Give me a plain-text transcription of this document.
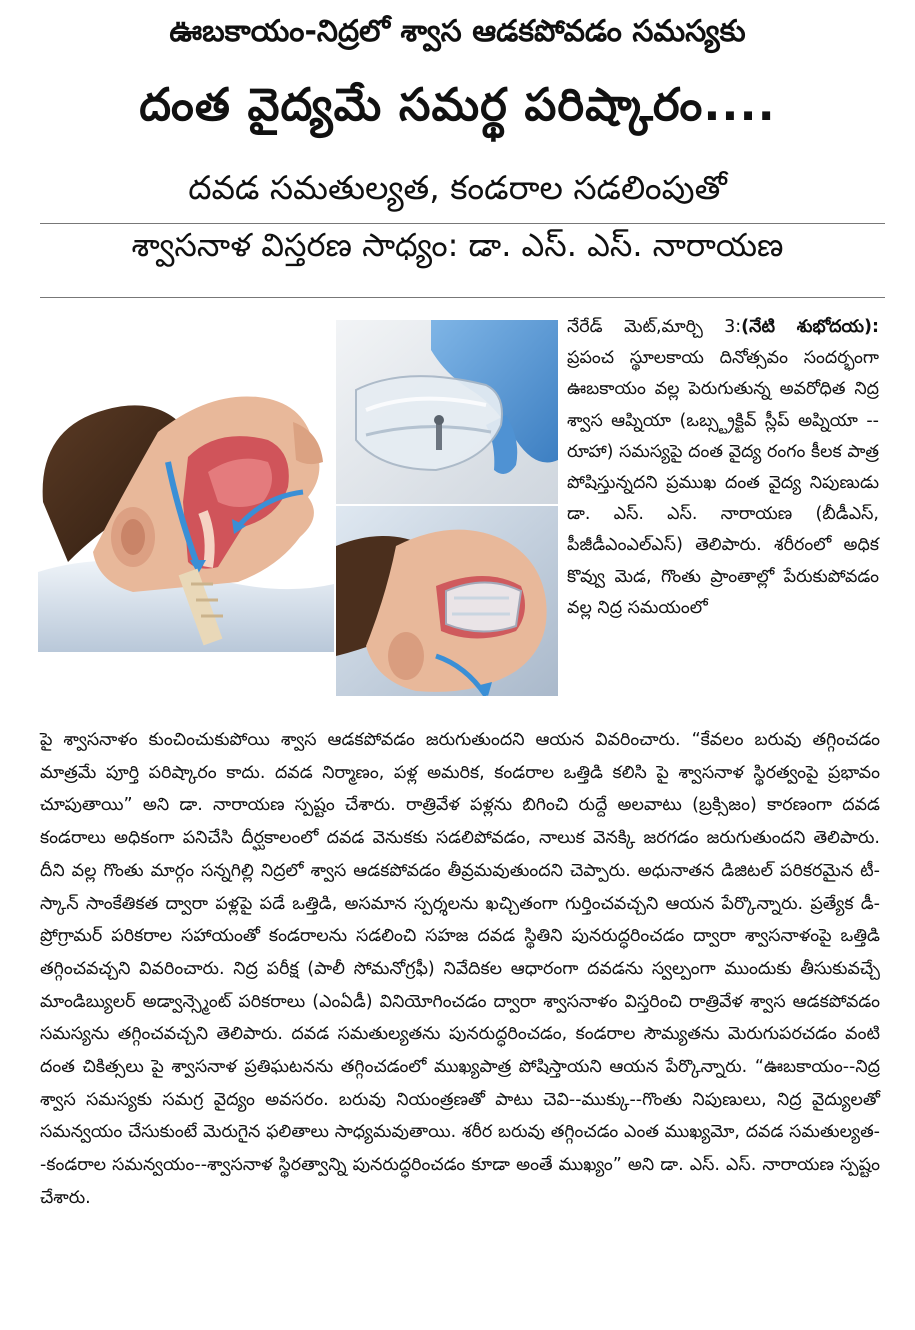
ఊబకాయం-నిద్రలో శ్వాస ఆడకపోవడం సమస్యకు
దంత వైద్యమే సమర్థ పరిష్కారం....
దవడ సమతుల్యత, కండరాల సడలింపుతో
శ్వాసనాళ విస్తరణ సాధ్యం: డా. ఎస్. ఎస్. నారాయణ
నేరేడ్ మెట్,మార్చి 3:(నేటి శుభోదయ): ప్రపంచ స్థూలకాయ దినోత్సవం సందర్భంగా ఊబకాయం వల్ల పెరుగుతున్న అవరోధిత నిద్ర శ్వాస ఆప్నియా (ఒబ్స్ట్రక్టివ్ స్లీప్ అప్నియా -- రూహా) సమస్యపై దంత వైద్య రంగం కీలక పాత్ర పోషిస్తున్నదని ప్రముఖ దంత వైద్య నిపుణుడు డా. ఎస్. ఎస్. నారాయణ (బీడీఎస్, పీజీడీఎంఎల్ఎస్) తెలిపారు. శరీరంలో అధిక కొవ్వు మెడ, గొంతు ప్రాంతాల్లో పేరుకుపోవడం వల్ల నిద్ర సమయంలో
పై శ్వాసనాళం కుంచించుకుపోయి శ్వాస ఆడకపోవడం జరుగుతుందని ఆయన వివరించారు. “కేవలం బరువు తగ్గించడం మాత్రమే పూర్తి పరిష్కారం కాదు. దవడ నిర్మాణం, పళ్ల అమరిక, కండరాల ఒత్తిడి కలిసి పై శ్వాసనాళ స్థిరత్వంపై ప్రభావం చూపుతాయి” అని డా. నారాయణ స్పష్టం చేశారు. రాత్రివేళ పళ్లను బిగించి రుద్దే అలవాటు (బ్రక్సిజం) కారణంగా దవడ కండరాలు అధికంగా పనిచేసి దీర్ఘకాలంలో దవడ వెనుకకు సడలిపోవడం, నాలుక వెనక్కి జరగడం జరుగుతుందని తెలిపారు. దీని వల్ల గొంతు మార్గం సన్నగిల్లి నిద్రలో శ్వాస ఆడకపోవడం తీవ్రమవుతుందని చెప్పారు. అధునాతన డిజిటల్ పరికరమైన టీ-స్కాన్ సాంకేతికత ద్వారా పళ్లపై పడే ఒత్తిడి, అసమాన స్పర్శలను ఖచ్చితంగా గుర్తించవచ్చని ఆయన పేర్కొన్నారు. ప్రత్యేక డీ-ప్రోగ్రామర్ పరికరాల సహాయంతో కండరాలను సడలించి సహజ దవడ స్థితిని పునరుద్ధరించడం ద్వారా శ్వాసనాళంపై ఒత్తిడి తగ్గించవచ్చని వివరించారు. నిద్ర పరీక్ష (పాలీ సోమనోగ్రఫీ) నివేదికల ఆధారంగా దవడను స్వల్పంగా ముందుకు తీసుకువచ్చే మాండిబ్యులర్ అడ్వాన్స్మెంట్ పరికరాలు (ఎంఏడీ) వినియోగించడం ద్వారా శ్వాసనాళం విస్తరించి రాత్రివేళ శ్వాస ఆడకపోవడం సమస్యను తగ్గించవచ్చని తెలిపారు. దవడ సమతుల్యతను పునరుద్ధరించడం, కండరాల సౌమ్యతను మెరుగుపరచడం వంటి దంత చికిత్సలు పై శ్వాసనాళ ప్రతిఘటనను తగ్గించడంలో ముఖ్యపాత్ర పోషిస్తాయని ఆయన పేర్కొన్నారు. “ఊబకాయం--నిద్ర శ్వాస సమస్యకు సమగ్ర వైద్యం అవసరం. బరువు నియంత్రణతో పాటు చెవి--ముక్కు--గొంతు నిపుణులు, నిద్ర వైద్యులతో సమన్వయం చేసుకుంటే మెరుగైన ఫలితాలు సాధ్యమవుతాయి. శరీర బరువు తగ్గించడం ఎంత ముఖ్యమో, దవడ సమతుల్యత--కండరాల సమన్వయం--శ్వాసనాళ స్థిరత్వాన్ని పునరుద్ధరించడం కూడా అంతే ముఖ్యం” అని డా. ఎస్. ఎస్. నారాయణ స్పష్టం చేశారు.
